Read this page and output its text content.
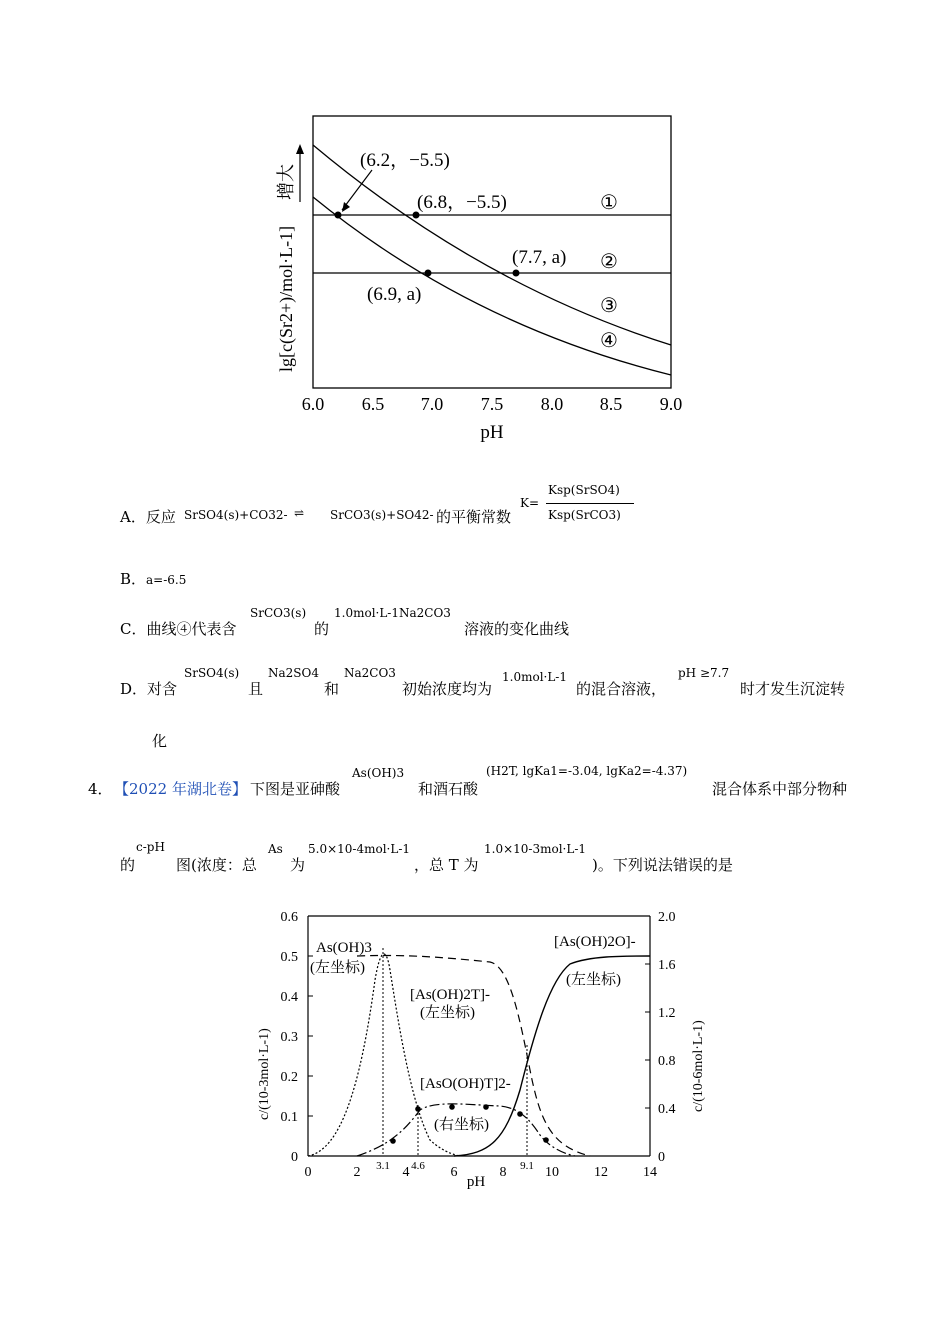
(6.2，−5.5)
(6.8，−5.5)
(7.7, a)
(6.9, a)
①
②
③
④
6.0 6.5 7.0 7.5 8.0 8.5 9.0
pH
lg[c(Sr2+)/mol·L-1]
增大
A．反应 SrSO4(s)+CO32- ⇌ SrCO3(s)+SO42- 的平衡常数
K=
Ksp(SrSO4)
Ksp(SrCO3)
B．a=-6.5
C．曲线④代表含
SrCO3(s)
的
1.0mol·L-1Na2CO3
溶液的变化曲线
D．对含
SrSO4(s)
且
Na2SO4
和
Na2CO3
初始浓度均为
1.0mol·L-1
的混合溶液，
pH ≥7.7
时才发生沉淀转
化
4． 【2022 年湖北卷】 下图是亚砷酸
As(OH)3
和酒石酸
(H2T, lgKa1=-3.04, lgKa2=-4.37)
混合体系中部分物种
的
c-pH
图(浓度：总
As
为
5.0×10-4mol·L-1
，总 T 为
1.0×10-3mol·L-1
)。下列说法错误的是
0
0.1
0.2
0.3
0.4
0.5
0.6
0
0.4
0.8
1.2
1.6
2.0
0	2	4	6	8	10	12	14
3.1 4.6	9.1
pH
c/(10-3mol·L-1)	c/(10-6mol·L-1)
As(OH)3
(左坐标)
[As(OH)2T]-
(左坐标)
[As(OH)2O]-
(左坐标)
[AsO(OH)T]2-
(右坐标)
